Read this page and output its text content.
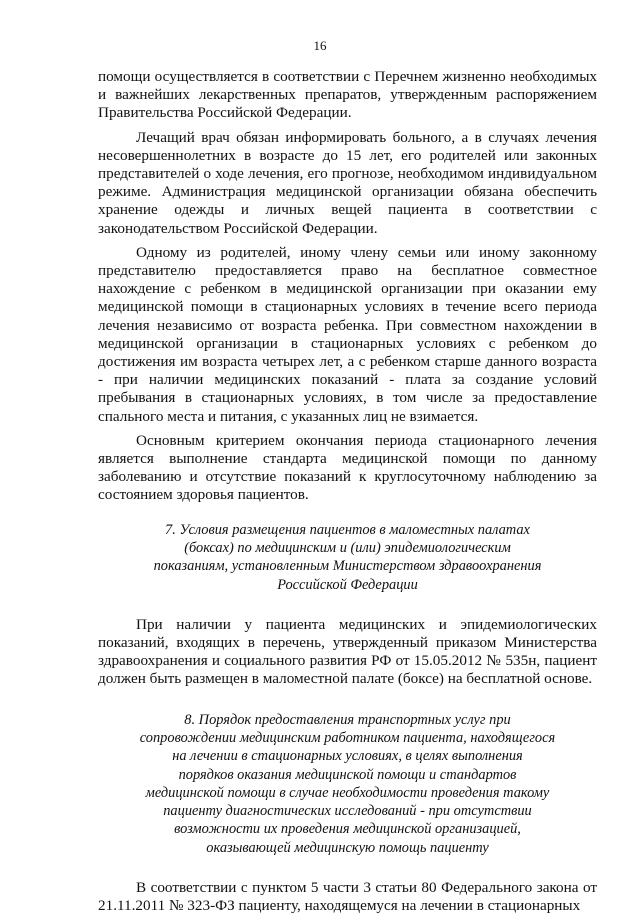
16

помощи осуществляется в соответствии с Перечнем жизненно необходимых и важнейших лекарственных препаратов, утвержденным распоряжением Правительства Российской Федерации.

Лечащий врач обязан информировать больного, а в случаях лечения несовершеннолетних в возрасте до 15 лет, его родителей или законных представителей о ходе лечения, его прогнозе, необходимом индивидуальном режиме. Администрация медицинской организации обязана обеспечить хранение одежды и личных вещей пациента в соответствии с законодательством Российской Федерации.

Одному из родителей, иному члену семьи или иному законному представителю предоставляется право на бесплатное совместное нахождение с ребенком в медицинской организации при оказании ему медицинской помощи в стационарных условиях в течение всего периода лечения независимо от возраста ребенка. При совместном нахождении в медицинской организации в стационарных условиях с ребенком до достижения им возраста четырех лет, а с ребенком старше данного возраста - при наличии медицинских показаний - плата за создание условий пребывания в стационарных условиях, в том числе за предоставление спального места и питания, с указанных лиц не взимается.

Основным критерием окончания периода стационарного лечения является выполнение стандарта медицинской помощи по данному заболеванию и отсутствие показаний к круглосуточному наблюдению за состоянием здоровья пациентов.

7. Условия размещения пациентов в маломестных палатах
(боксах) по медицинским и (или) эпидемиологическим
показаниям, установленным Министерством здравоохранения
Российской Федерации

При наличии у пациента медицинских и эпидемиологических показаний, входящих в перечень, утвержденный приказом Министерства здравоохранения и социального развития РФ от 15.05.2012 № 535н, пациент должен быть размещен в маломестной палате (боксе) на бесплатной основе.

8. Порядок предоставления транспортных услуг при
сопровождении медицинским работником пациента, находящегося
на лечении в стационарных условиях, в целях выполнения
порядков оказания медицинской помощи и стандартов
медицинской помощи в случае необходимости проведения такому
пациенту диагностических исследований - при отсутствии
возможности их проведения медицинской организацией,
оказывающей медицинскую помощь пациенту

В соответствии с пунктом 5 части 3 статьи 80 Федерального закона от 21.11.2011 № 323-ФЗ пациенту, находящемуся на лечении в стационарных
